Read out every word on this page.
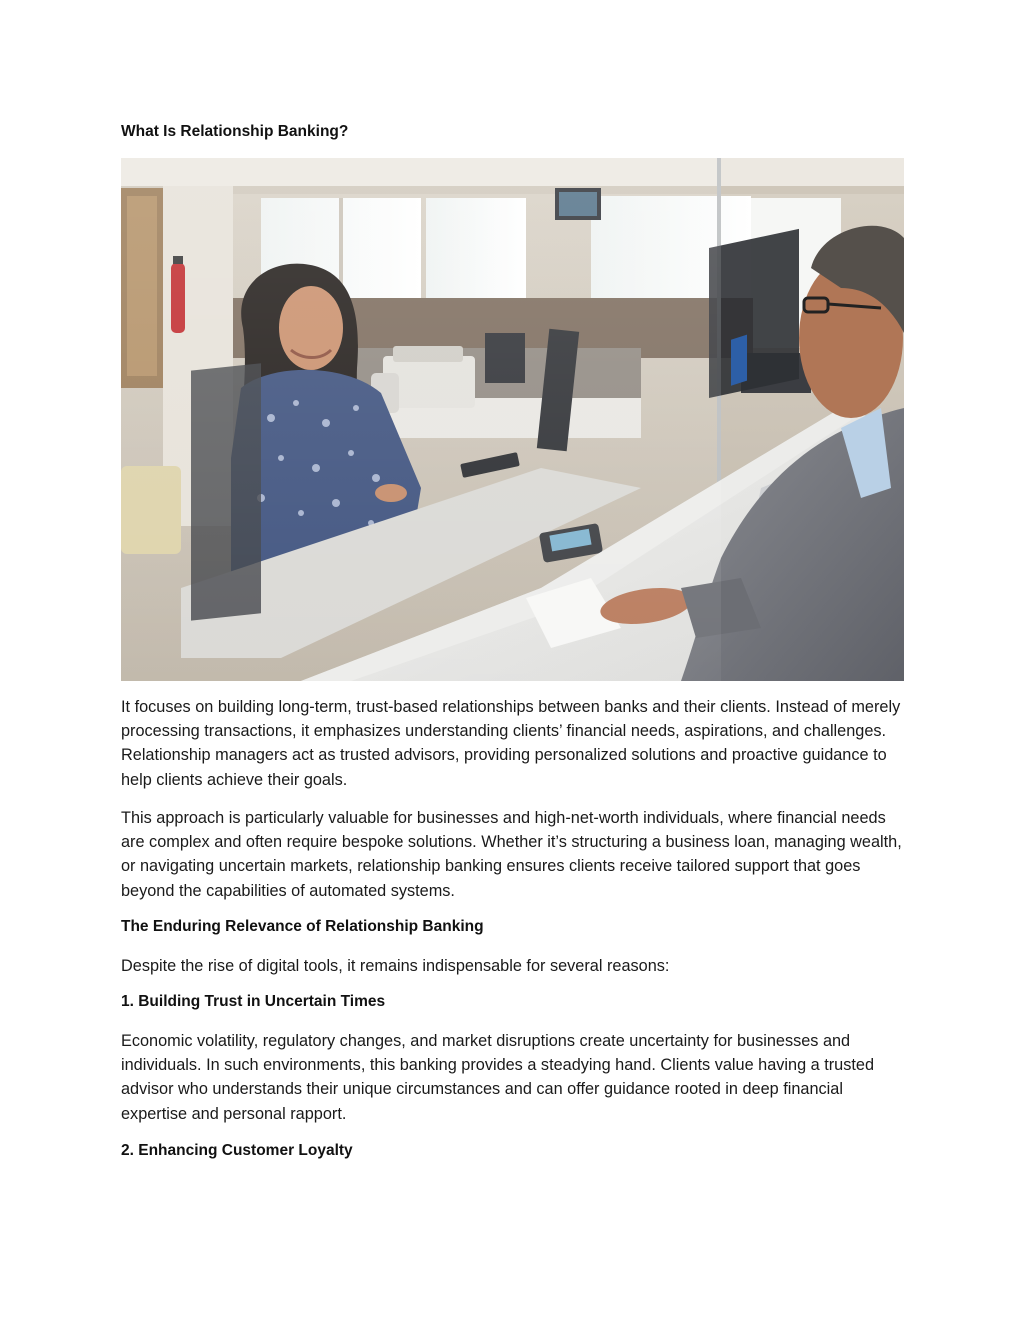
What Is Relationship Banking?

It focuses on building long-term, trust-based relationships between banks and their clients. Instead of merely processing transactions, it emphasizes understanding clients’ financial needs, aspirations, and challenges. Relationship managers act as trusted advisors, providing personalized solutions and proactive guidance to help clients achieve their goals.

This approach is particularly valuable for businesses and high-net-worth individuals, where financial needs are complex and often require bespoke solutions. Whether it’s structuring a business loan, managing wealth, or navigating uncertain markets, relationship banking ensures clients receive tailored support that goes beyond the capabilities of automated systems.

The Enduring Relevance of Relationship Banking

Despite the rise of digital tools, it remains indispensable for several reasons:

1. Building Trust in Uncertain Times

Economic volatility, regulatory changes, and market disruptions create uncertainty for businesses and individuals. In such environments, this banking provides a steadying hand. Clients value having a trusted advisor who understands their unique circumstances and can offer guidance rooted in deep financial expertise and personal rapport.

2. Enhancing Customer Loyalty
